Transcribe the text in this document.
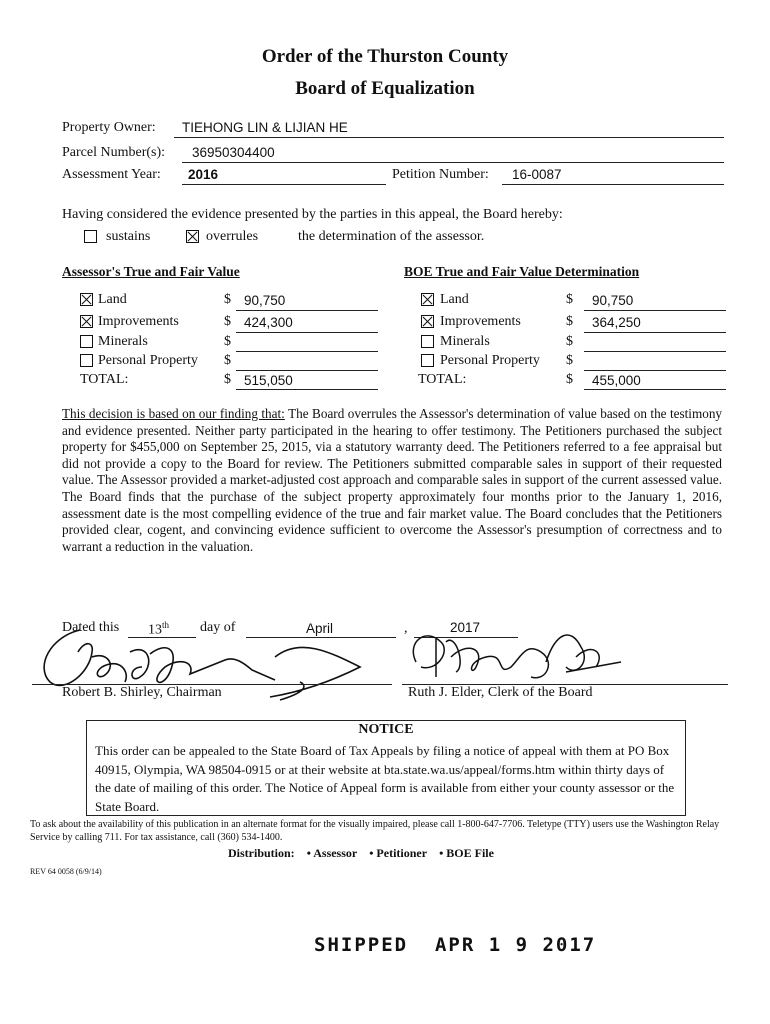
Order of the Thurston County
Board of Equalization
Property Owner: TIEHONG LIN & LIJIAN HE
Parcel Number(s): 36950304400
Assessment Year: 2016	Petition Number: 16-0087
Having considered the evidence presented by the parties in this appeal, the Board hereby:
sustains	overrules	the determination of the assessor.
Assessor's True and Fair Value
Land	$ 90,750
Improvements	$ 424,300
Minerals	$
Personal Property $
TOTAL:	$ 515,050
BOE True and Fair Value Determination
Land	$ 90,750
Improvements	$ 364,250
Minerals	$
Personal Property $
TOTAL:	$ 455,000
This decision is based on our finding that: The Board overrules the Assessor's determination of value based on the testimony and evidence presented. Neither party participated in the hearing to offer testimony. The Petitioners purchased the subject property for $455,000 on September 25, 2015, via a statutory warranty deed. The Petitioners referred to a fee appraisal but did not provide a copy to the Board for review. The Petitioners submitted comparable sales in support of their requested value. The Assessor provided a market-adjusted cost approach and comparable sales in support of the current assessed value. The Board finds that the purchase of the subject property approximately four months prior to the January 1, 2016, assessment date is the most compelling evidence of the true and fair market value. The Board concludes that the Petitioners provided clear, cogent, and convincing evidence sufficient to overcome the Assessor's presumption of correctness and to warrant a reduction in the valuation.
Dated this 13th day of	April	,	2017
Robert B. Shirley, Chairman	Ruth J. Elder, Clerk of the Board
NOTICE
This order can be appealed to the State Board of Tax Appeals by filing a notice of appeal with them at PO Box 40915, Olympia, WA 98504-0915 or at their website at bta.state.wa.us/appeal/forms.htm within thirty days of the date of mailing of this order. The Notice of Appeal form is available from either your county assessor or the State Board.
To ask about the availability of this publication in an alternate format for the visually impaired, please call 1-800-647-7706. Teletype (TTY) users use the Washington Relay Service by calling 711. For tax assistance, call (360) 534-1400.
Distribution: • Assessor • Petitioner • BOE File
REV 64 0058 (6/9/14)
SHIPPED  APR 1 9 2017
